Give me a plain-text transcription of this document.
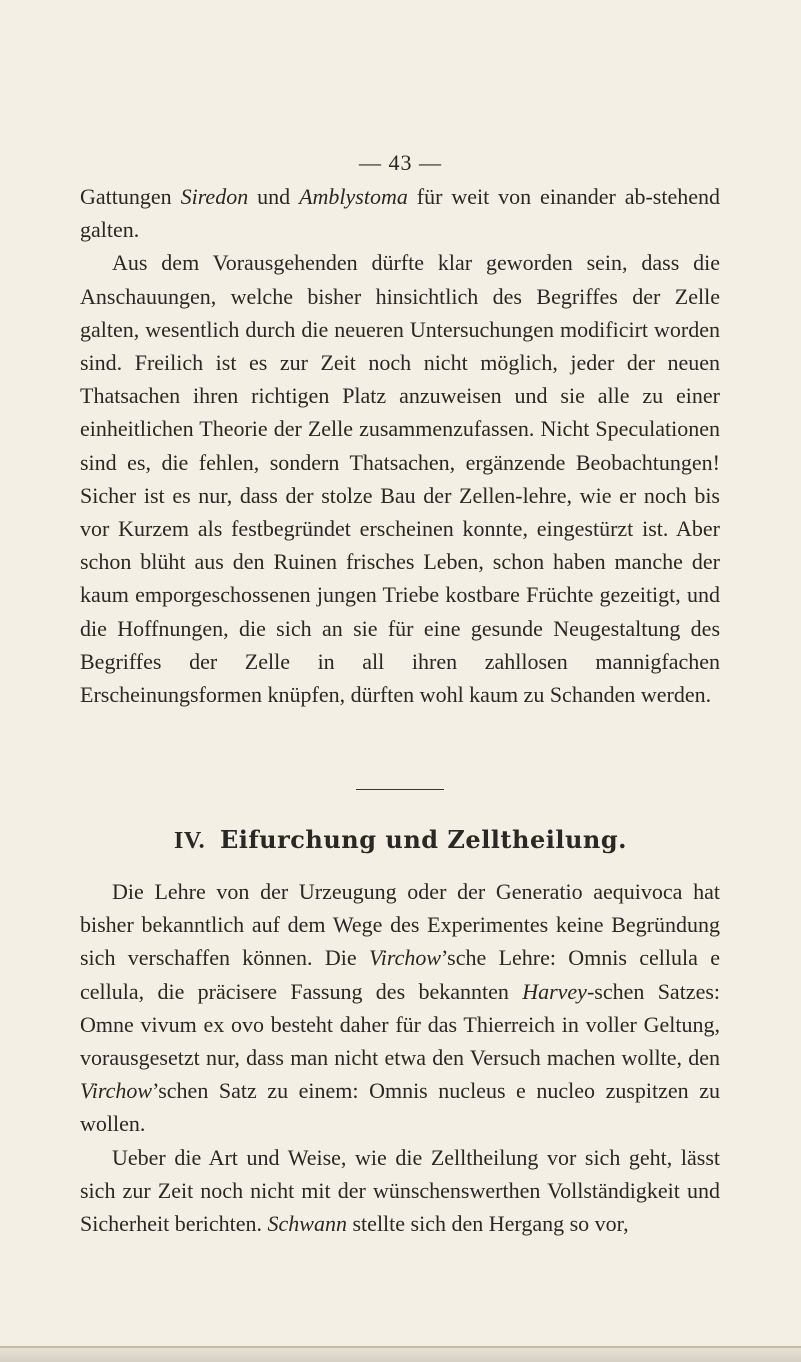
— 43 —

Gattungen Siredon und Amblystoma für weit von einander ab-stehend galten.

Aus dem Vorausgehenden dürfte klar geworden sein, dass die Anschauungen, welche bisher hinsichtlich des Begriffes der Zelle galten, wesentlich durch die neueren Untersuchungen modificirt worden sind. Freilich ist es zur Zeit noch nicht möglich, jeder der neuen Thatsachen ihren richtigen Platz anzuweisen und sie alle zu einer einheitlichen Theorie der Zelle zusammenzufassen. Nicht Speculationen sind es, die fehlen, sondern Thatsachen, ergänzende Beobachtungen! Sicher ist es nur, dass der stolze Bau der Zellen-lehre, wie er noch bis vor Kurzem als festbegründet erscheinen konnte, eingestürzt ist. Aber schon blüht aus den Ruinen frisches Leben, schon haben manche der kaum emporgeschossenen jungen Triebe kostbare Früchte gezeitigt, und die Hoffnungen, die sich an sie für eine gesunde Neugestaltung des Begriffes der Zelle in all ihren zahllosen mannigfachen Erscheinungsformen knüpfen, dürften wohl kaum zu Schanden werden.

IV. Eifurchung und Zelltheilung.

Die Lehre von der Urzeugung oder der Generatio aequivoca hat bisher bekanntlich auf dem Wege des Experimentes keine Begründung sich verschaffen können. Die Virchow’sche Lehre: Omnis cellula e cellula, die präcisere Fassung des bekannten Harvey-schen Satzes: Omne vivum ex ovo besteht daher für das Thierreich in voller Geltung, vorausgesetzt nur, dass man nicht etwa den Versuch machen wollte, den Virchow’schen Satz zu einem: Omnis nucleus e nucleo zuspitzen zu wollen.

Ueber die Art und Weise, wie die Zelltheilung vor sich geht, lässt sich zur Zeit noch nicht mit der wünschenswerthen Vollständigkeit und Sicherheit berichten. Schwann stellte sich den Hergang so vor,
